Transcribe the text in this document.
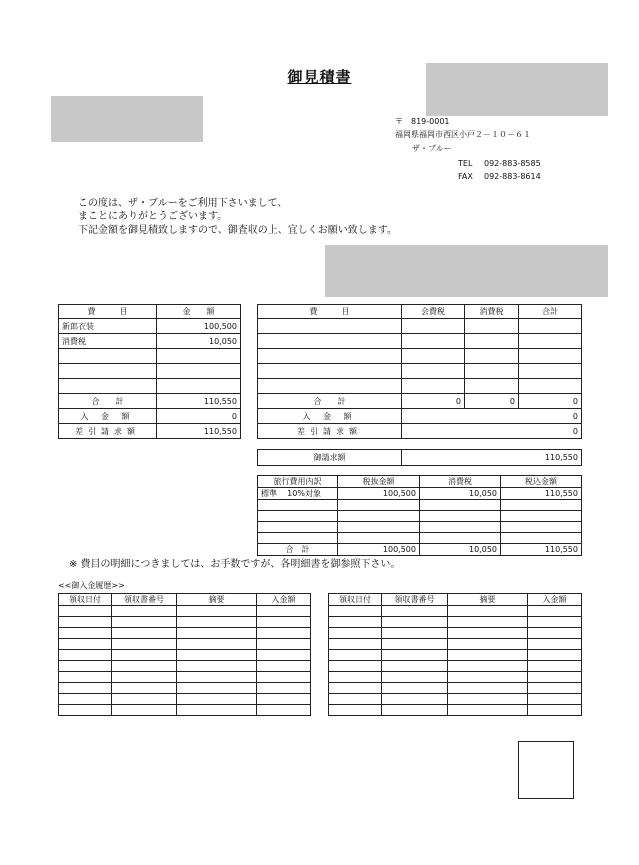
御見積書
〒　819-0001
福岡県福岡市西区小戸２－１０－６１
ザ・ブルー
TEL 092-883-8585
FAX 092-883-8614
この度は、ザ・ブルーをご利用下さいまして、
まことにありがとうございます。
下記金額を御見積致しますので、御査収の上、宜しくお願い致します。
費　　　目	金　　額
新郎衣装	100,500
消費税	10,050

合　　計	110,550
入 金 額	0
差引請求額	110,550
費　　　目	会費税	消費税	合計

合　　計	0	0	0
入 金 額	0		
差引請求額	0		
御請求額	110,550
旅行費用内訳	税抜金額	消費税	税込金額
標準 10%対象	100,500	10,050	110,550

合　計	100,500	10,050	110,550
※ 費目の明細につきましては、お手数ですが、各明細書を御参照下さい。
<<御入金履歴>>
領収日付	領収書番号	摘要	入金額

				領収日付	領収書番号	摘要	入金額
